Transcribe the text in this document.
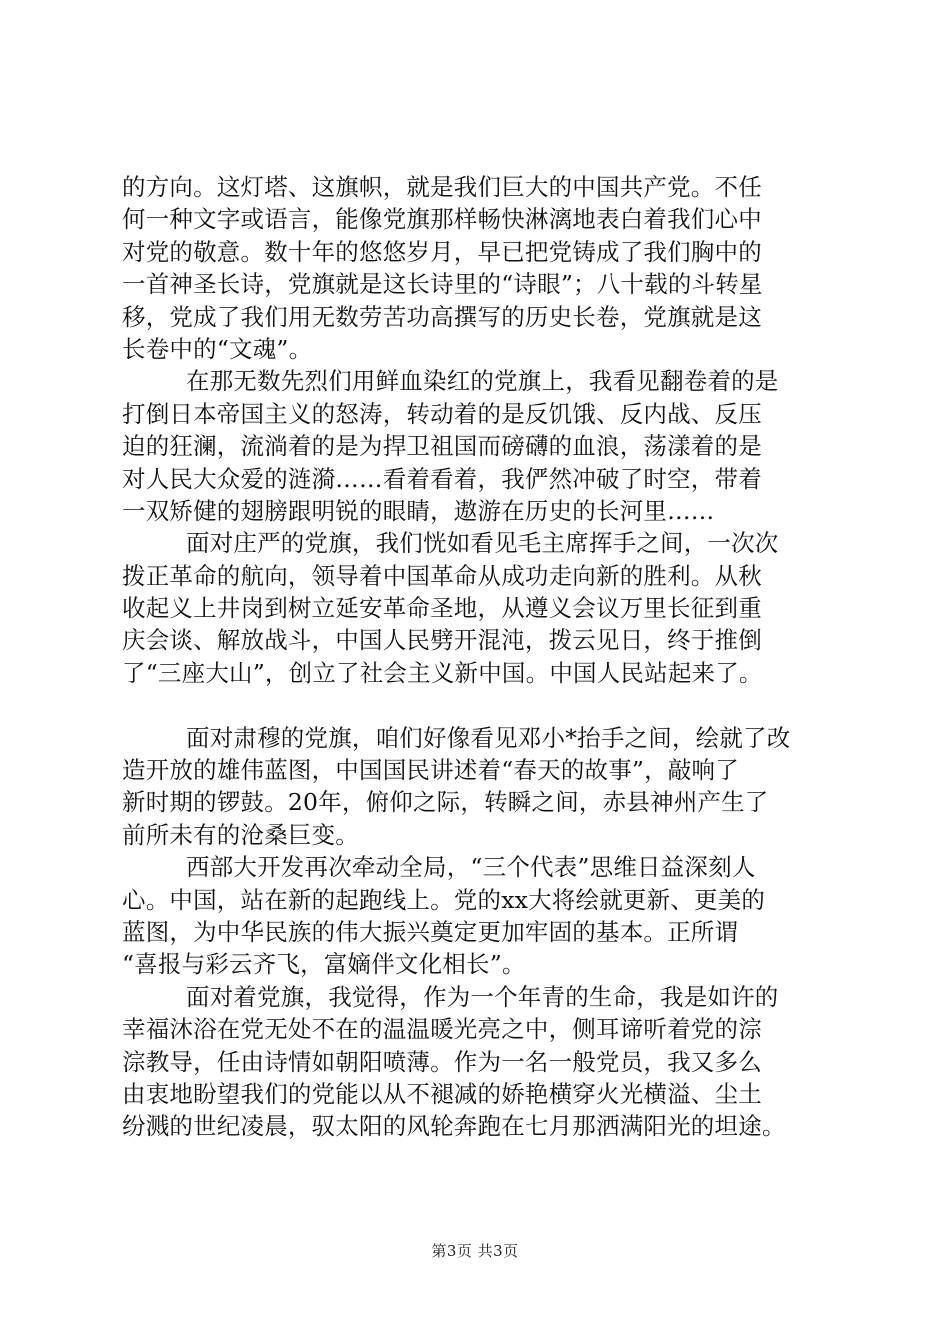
的方向。这灯塔、这旗帜，就是我们巨大的中国共产党。不任
何一种文字或语言，能像党旗那样畅快淋漓地表白着我们心中
对党的敬意。数十年的悠悠岁月，早已把党铸成了我们胸中的
一首神圣长诗，党旗就是这长诗里的“诗眼”；八十载的斗转星
移，党成了我们用无数劳苦功高撰写的历史长卷，党旗就是这
长卷中的“文魂”。

在那无数先烈们用鲜血染红的党旗上，我看见翻卷着的是
打倒日本帝国主义的怒涛，转动着的是反饥饿、反内战、反压
迫的狂澜，流淌着的是为捍卫祖国而磅礴的血浪，荡漾着的是
对人民大众爱的涟漪……看着看着，我俨然冲破了时空，带着
一双矫健的翅膀跟明锐的眼睛，遨游在历史的长河里……

面对庄严的党旗，我们恍如看见毛主席挥手之间，一次次
拨正革命的航向，领导着中国革命从成功走向新的胜利。从秋
收起义上井岗到树立延安革命圣地，从遵义会议万里长征到重
庆会谈、解放战斗，中国人民劈开混沌，拨云见日，终于推倒
了“三座大山”，创立了社会主义新中国。中国人民站起来了。

面对肃穆的党旗，咱们好像看见邓小*抬手之间，绘就了改
造开放的雄伟蓝图，中国国民讲述着“春天的故事”，敲响了
新时期的锣鼓。20年，俯仰之际，转瞬之间，赤县神州产生了
前所未有的沧桑巨变。

西部大开发再次牵动全局，“三个代表”思维日益深刻人
心。中国，站在新的起跑线上。党的xx大将绘就更新、更美的
蓝图，为中华民族的伟大振兴奠定更加牢固的基本。正所谓
“喜报与彩云齐飞，富嫡伴文化相长”。

面对着党旗，我觉得，作为一个年青的生命，我是如许的
幸福沐浴在党无处不在的温温暖光亮之中，侧耳谛听着党的淙
淙教导，任由诗情如朝阳喷薄。作为一名一般党员，我又多么
由衷地盼望我们的党能以从不褪减的娇艳横穿火光横溢、尘土
纷溅的世纪凌晨，驭太阳的风轮奔跑在七月那洒满阳光的坦途。

第3页 共3页
